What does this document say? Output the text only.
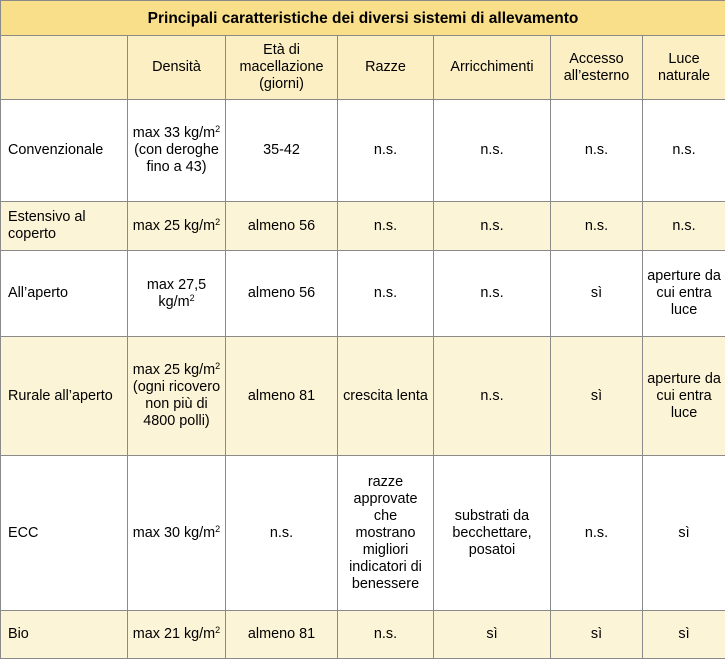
Principali caratteristiche dei diversi sistemi di allevamento						
	Densità	Età di macellazione (giorni)	Razze	Arricchimenti	Accesso all’esterno	Luce naturale
Convenzionale	max 33 $kg/m^2$ (con deroghe fino a 43)	35-42	n.s.	n.s.	n.s.	n.s.
Estensivo al coperto	max 25 $kg/m^2$	almeno 56	n.s.	n.s.	n.s.	n.s.
All’aperto	max 27,5 $kg/m^2$	almeno 56	n.s.	n.s.	sì	aperture da cui entra luce
Rurale all’aperto	max 25 $kg/m^2$ (ogni ricovero non più di 4800 polli)	almeno 81	crescita lenta	n.s.	sì	aperture da cui entra luce
ECC	max 30 $kg/m^2$	n.s.	razze approvate che mostrano migliori indicatori di benessere	substrati da becchettare, posatoi	n.s.	sì
Bio	max 21 $kg/m^2$	almeno 81	n.s.	sì	sì	sì
